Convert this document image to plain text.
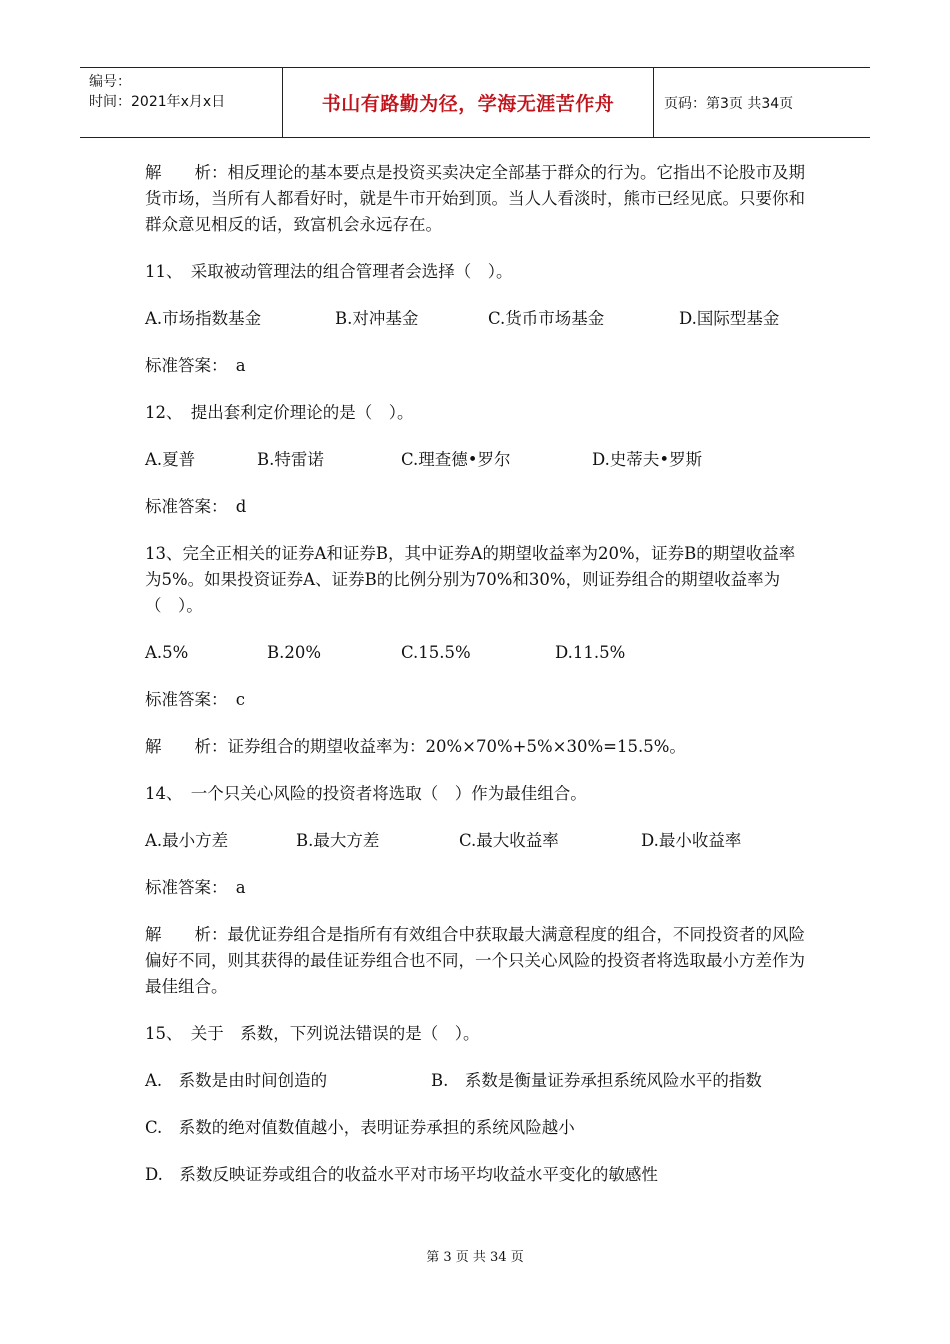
编号：
时间：2021年x月x日	书山有路勤为径，学海无涯苦作舟	页码：第3页 共34页

解　　析：相反理论的基本要点是投资买卖决定全部基于群众的行为。它指出不论股市及期货市场，当所有人都看好时，就是牛市开始到顶。当人人看淡时，熊市已经见底。只要你和群众意见相反的话，致富机会永远存在。

11、　采取被动管理法的组合管理者会选择（　）。

A.市场指数基金	B.对冲基金	C.货币市场基金	D.国际型基金

标准答案：　a

12、　提出套利定价理论的是（　）。

A.夏普	B.特雷诺	C.理查德•罗尔	D.史蒂夫•罗斯

标准答案：　d

13、完全正相关的证券A和证券B，其中证券A的期望收益率为20%，证券B的期望收益率为5%。如果投资证券A、证券B的比例分别为70%和30%，则证券组合的期望收益率为（　）。

A.5%	B.20%	C.15.5%	D.11.5%

标准答案：　c

解　　析：证券组合的期望收益率为：20%×70%+5%×30%=15.5%。

14、　一个只关心风险的投资者将选取（　）作为最佳组合。

A.最小方差	B.最大方差	C.最大收益率	D.最小收益率

标准答案：　a

解　　析：最优证券组合是指所有有效组合中获取最大满意程度的组合，不同投资者的风险偏好不同，则其获得的最佳证券组合也不同，一个只关心风险的投资者将选取最小方差作为最佳组合。

15、　关于　系数，下列说法错误的是（　）。

A.　系数是由时间创造的	B.　系数是衡量证券承担系统风险水平的指数

C.　系数的绝对值数值越小，表明证券承担的系统风险越小

D.　系数反映证券或组合的收益水平对市场平均收益水平变化的敏感性

第 3 页 共 34 页
